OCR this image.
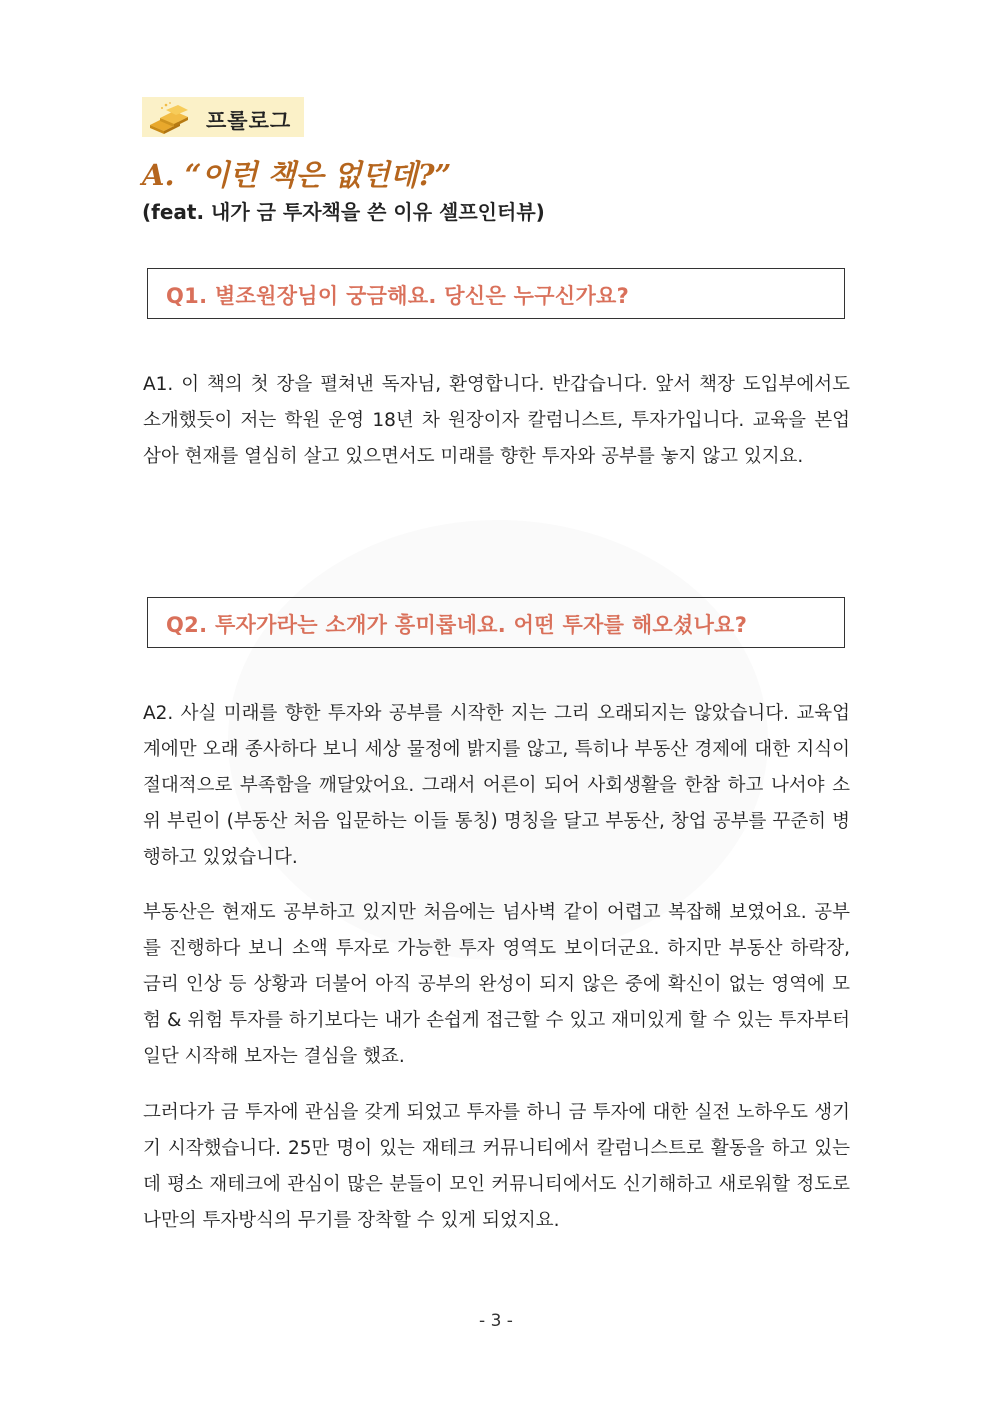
프롤로그
A. “이런 책은 없던데?”
(feat. 내가 금 투자책을 쓴 이유 셀프인터뷰)
Q1. 별조원장님이 궁금해요. 당신은 누구신가요?
A1. 이 책의 첫 장을 펼쳐낸 독자님, 환영합니다. 반갑습니다. 앞서 책장 도입부에서도 소개했듯이 저는 학원 운영 18년 차 원장이자 칼럼니스트, 투자가입니다. 교육을 본업 삼아 현재를 열심히 살고 있으면서도 미래를 향한 투자와 공부를 놓지 않고 있지요.
Q2. 투자가라는 소개가 흥미롭네요. 어떤 투자를 해오셨나요?
A2. 사실 미래를 향한 투자와 공부를 시작한 지는 그리 오래되지는 않았습니다. 교육업계에만 오래 종사하다 보니 세상 물정에 밝지를 않고, 특히나 부동산 경제에 대한 지식이 절대적으로 부족함을 깨달았어요. 그래서 어른이 되어 사회생활을 한참 하고 나서야 소위 부린이 (부동산 처음 입문하는 이들 통칭) 명칭을 달고 부동산, 창업 공부를 꾸준히 병행하고 있었습니다.
부동산은 현재도 공부하고 있지만 처음에는 넘사벽 같이 어렵고 복잡해 보였어요. 공부를 진행하다 보니 소액 투자로 가능한 투자 영역도 보이더군요. 하지만 부동산 하락장, 금리 인상 등 상황과 더불어 아직 공부의 완성이 되지 않은 중에 확신이 없는 영역에 모험 & 위험 투자를 하기보다는 내가 손쉽게 접근할 수 있고 재미있게 할 수 있는 투자부터 일단 시작해 보자는 결심을 했죠.
그러다가 금 투자에 관심을 갖게 되었고 투자를 하니 금 투자에 대한 실전 노하우도 생기기 시작했습니다. 25만 명이 있는 재테크 커뮤니티에서 칼럼니스트로 활동을 하고 있는데 평소 재테크에 관심이 많은 분들이 모인 커뮤니티에서도 신기해하고 새로워할 정도로 나만의 투자방식의 무기를 장착할 수 있게 되었지요.
- 3 -
